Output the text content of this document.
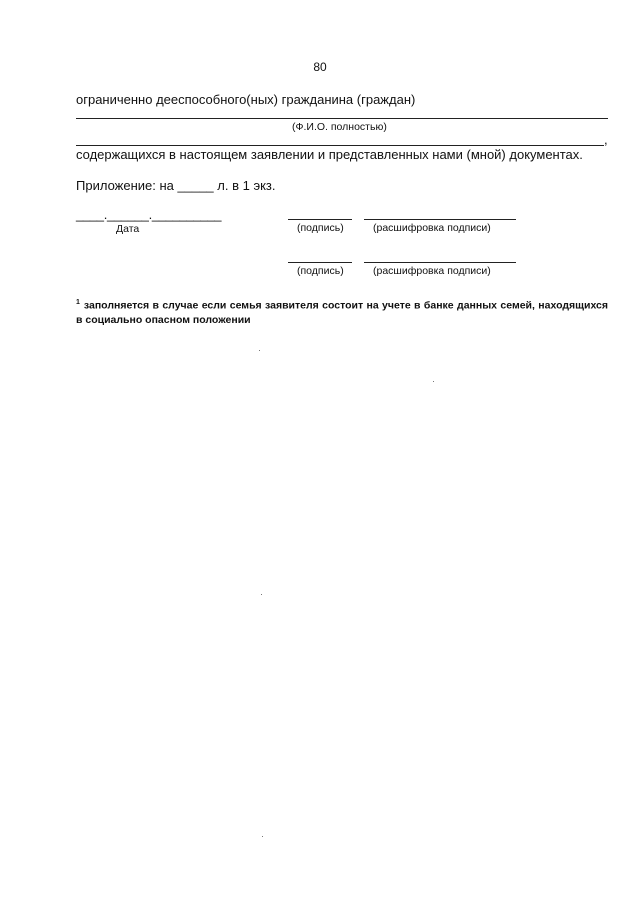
80
ограниченно дееспособного(ных) гражданина (граждан)
(Ф.И.О. полностью)
,
содержащихся в настоящем заявлении и представленных нами (мной) документах.
Приложение: на _____ л. в 1 экз.
____.______.__________
Дата	(подпись)	(расшифровка подписи)
(подпись)	(расшифровка подписи)
$^1$ заполняется в случае если семья заявителя состоит на учете в банке данных семей, находящихся в социально опасном положении
